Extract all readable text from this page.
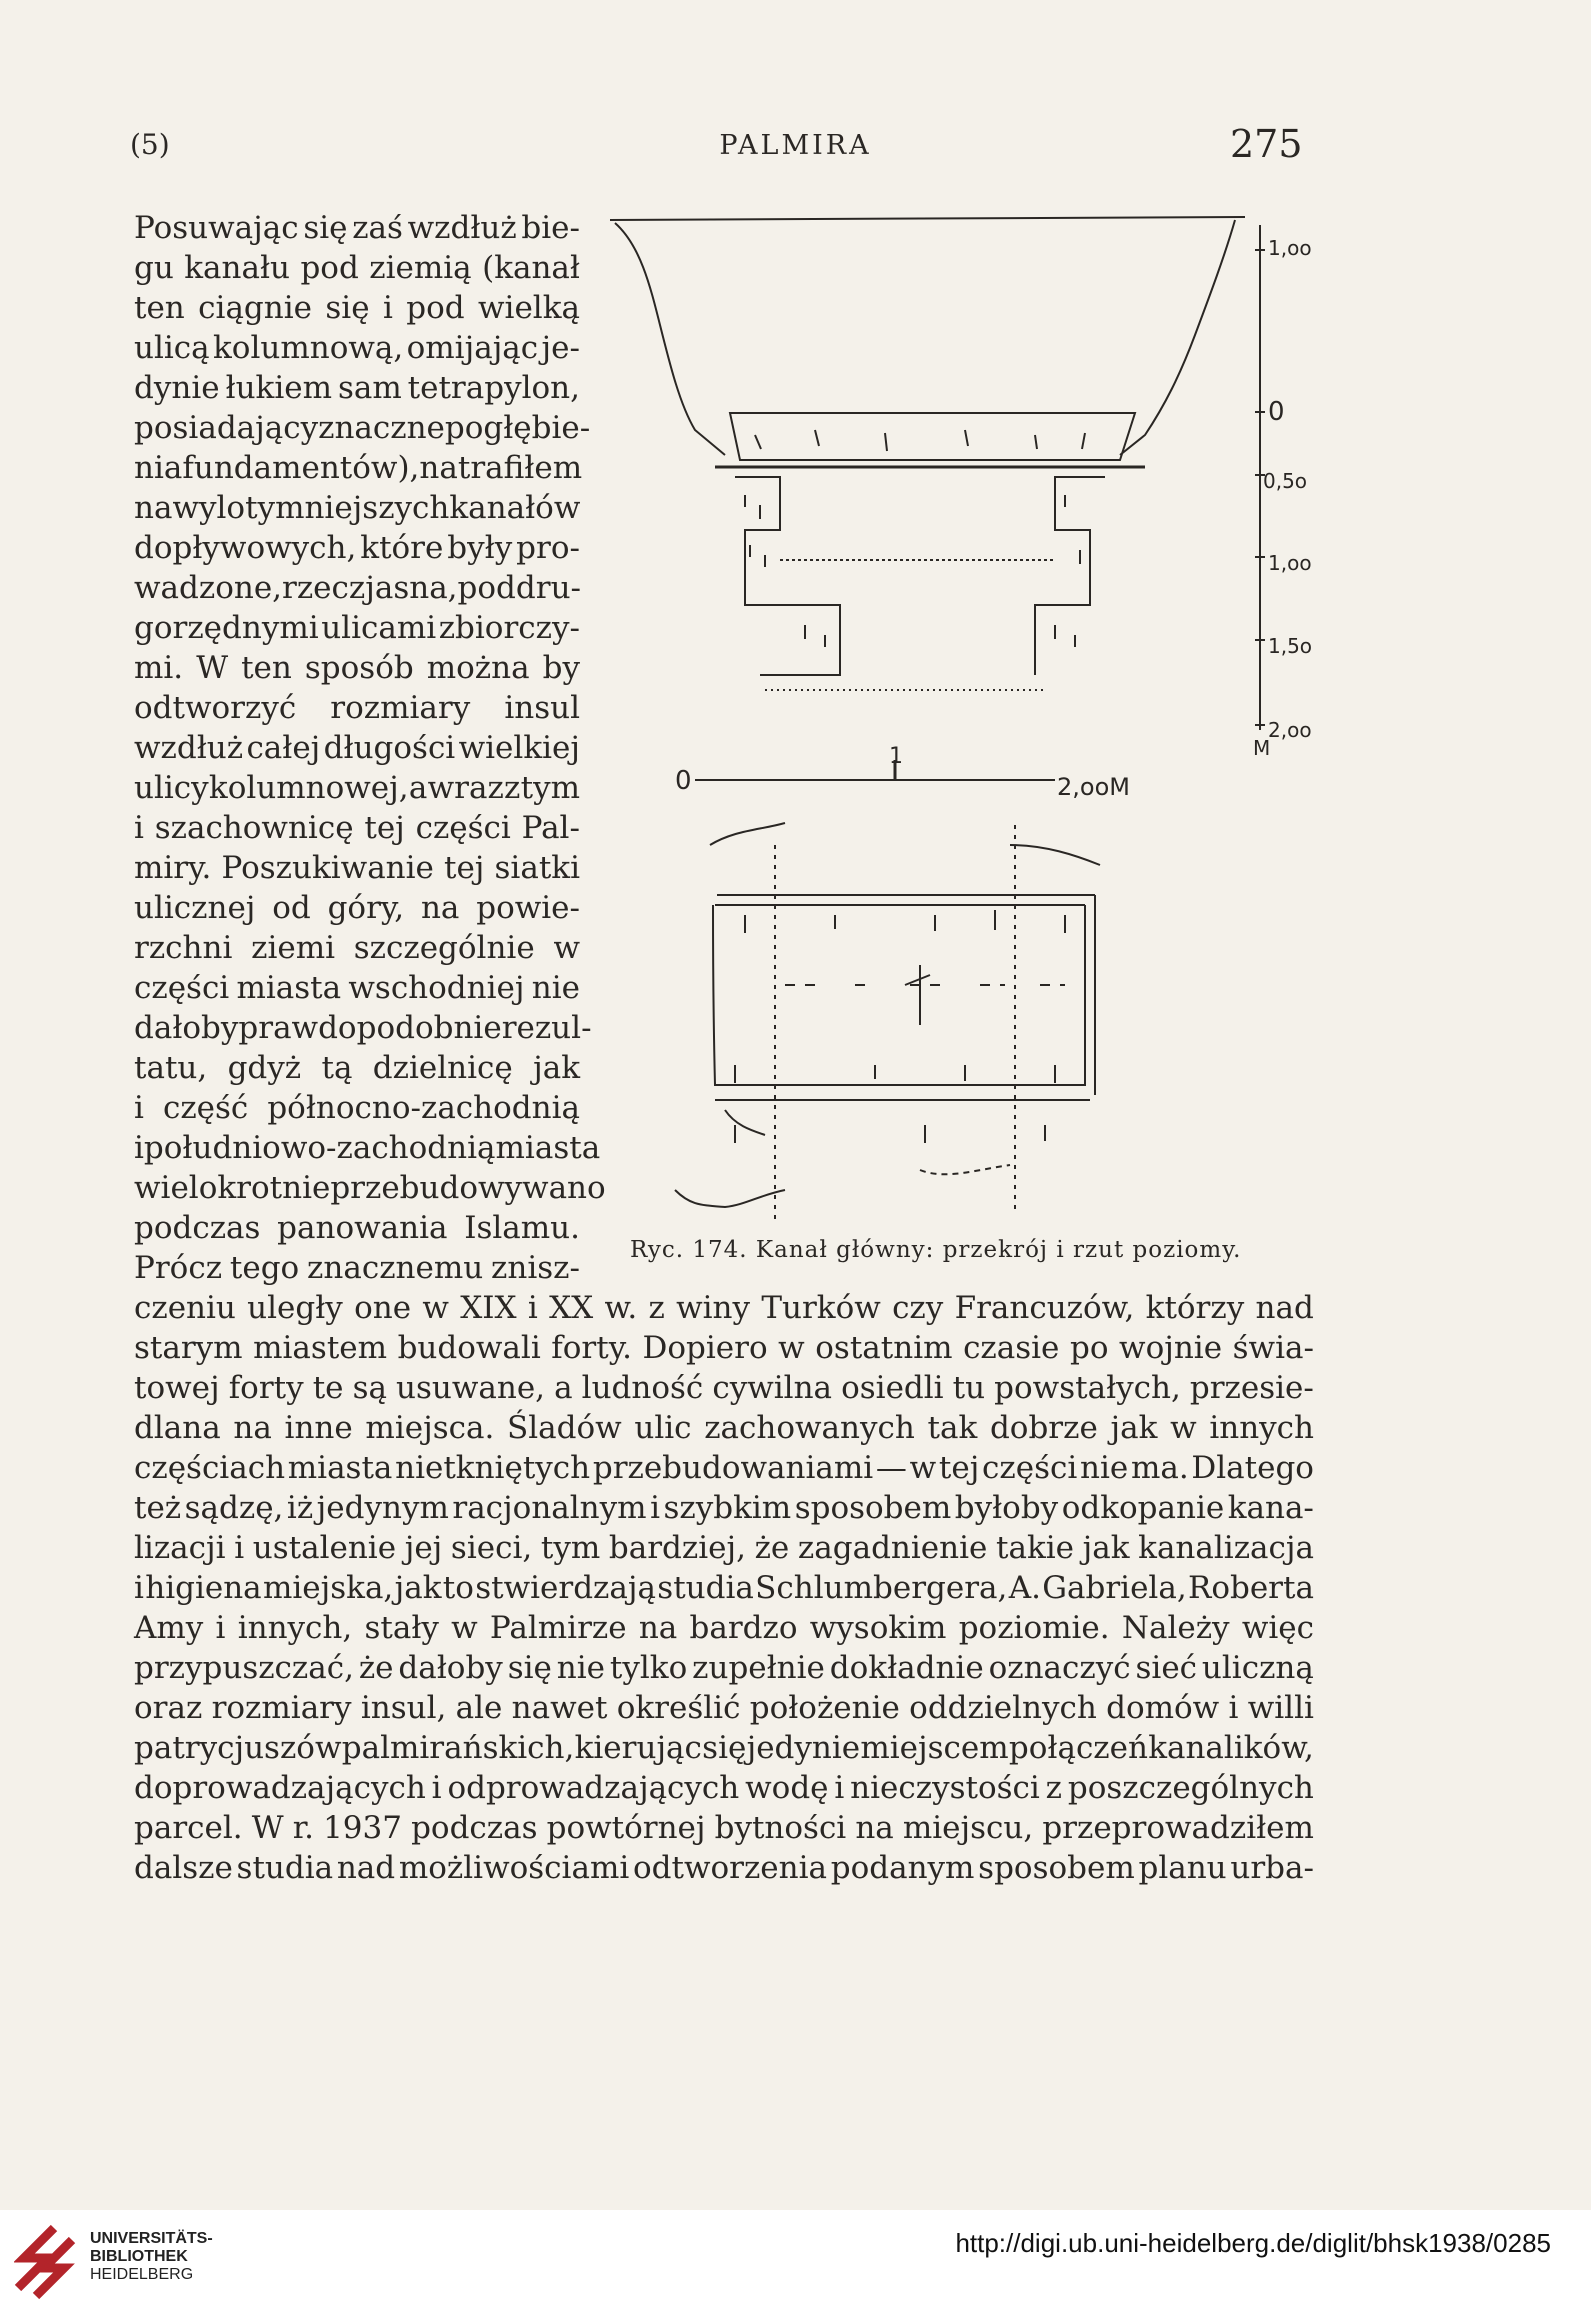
(5)	PALMIRA	275
Posuwając się zaś wzdłuż bie-
gu kanału pod ziemią (kanał
ten ciągnie się i pod wielką
ulicą kolumnową, omijając je-
dynie łukiem sam tetrapylon,
posiadający znaczne pogłębie-
nia fundamentów), natrafiłem
na wyloty mniejszych kanałów
dopływowych, które były pro-
wadzone, rzecz jasna, pod dru-
gorzędnymi ulicami zbiorczy-
mi. W ten sposób można by
odtworzyć rozmiary insul
wzdłuż całej długości wielkiej
ulicy kolumnowej, a wraz z tym
i szachownicę tej części Pal-
miry. Poszukiwanie tej siatki
ulicznej od góry, na powie-
rzchni ziemi szczególnie w
części miasta wschodniej nie
dałoby prawdopodobnie rezul-
tatu, gdyż tą dzielnicę jak
i część północno-zachodnią
i południowo-zachodnią miasta
wielokrotnie przebudowywano
podczas panowania Islamu.
Prócz tego znacznemu znisz-
1,oo
0
0,5o
1,oo
1,5o
2,oo
M
0
1
2,ooM
Ryc. 174. Kanał główny: przekrój i rzut poziomy.
czeniu uległy one w XIX i XX w. z winy Turków czy Francuzów, którzy nad
starym miastem budowali forty. Dopiero w ostatnim czasie po wojnie świa-
towej forty te są usuwane, a ludność cywilna osiedli tu powstałych, przesie-
dlana na inne miejsca. Śladów ulic zachowanych tak dobrze jak w innych
częściach miasta nietkniętych przebudowaniami — w tej części nie ma. Dlatego
też sądzę, iż jedynym racjonalnym i szybkim sposobem byłoby odkopanie kana-
lizacji i ustalenie jej sieci, tym bardziej, że zagadnienie takie jak kanalizacja
i higiena miejska, jak to stwierdzają studia Schlumbergera, A. Gabriela, Roberta
Amy i innych, stały w Palmirze na bardzo wysokim poziomie. Należy więc
przypuszczać, że dałoby się nie tylko zupełnie dokładnie oznaczyć sieć uliczną
oraz rozmiary insul, ale nawet określić położenie oddzielnych domów i willi
patrycjuszów palmirańskich, kierując się jedynie miejscem połączeń kanalików,
doprowadzających i odprowadzających wodę i nieczystości z poszczególnych
parcel. W r. 1937 podczas powtórnej bytności na miejscu, przeprowadziłem
dalsze studia nad możliwościami odtworzenia podanym sposobem planu urba-
UNIVERSITÄTS-
BIBLIOTHEK
HEIDELBERG
http://digi.ub.uni-heidelberg.de/diglit/bhsk1938/0285
